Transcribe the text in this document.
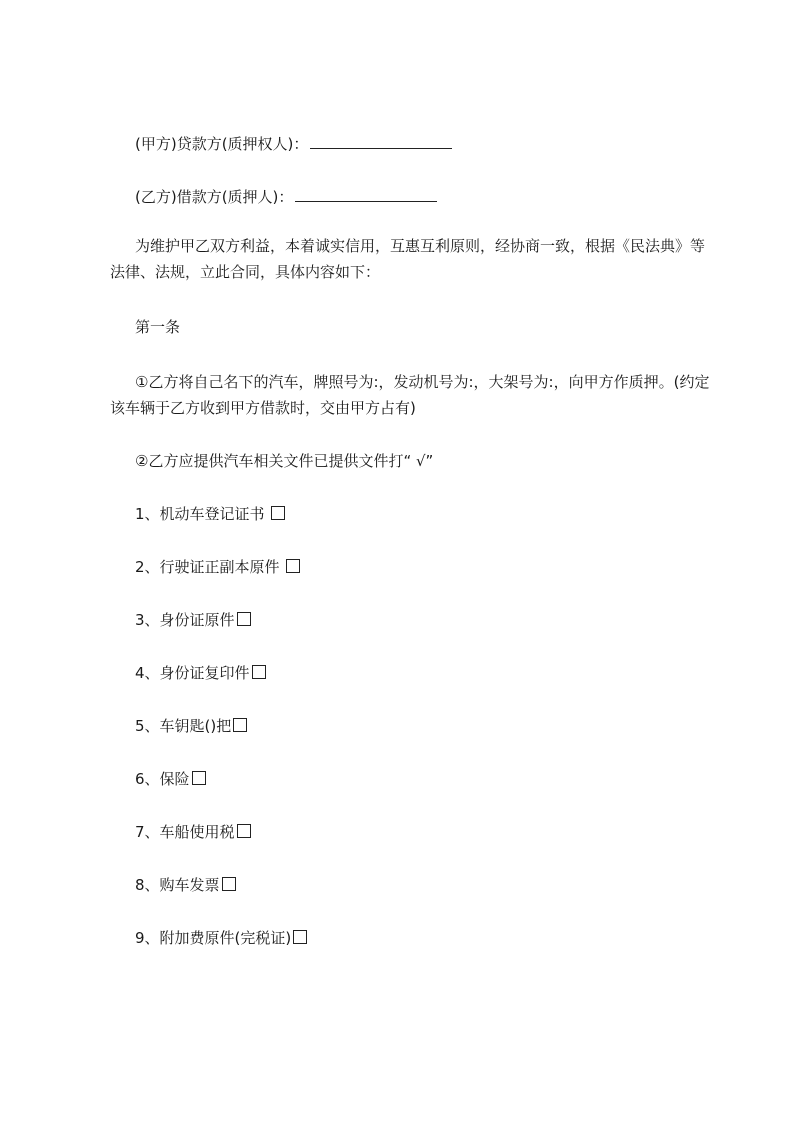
(甲方)贷款方(质押权人)：
(乙方)借款方(质押人)：
为维护甲乙双方利益，本着诚实信用，互惠互利原则，经协商一致，根据《民法典》等法律、法规，立此合同，具体内容如下：
第一条
①乙方将自己名下的汽车，牌照号为:，发动机号为:，大架号为:，向甲方作质押。(约定该车辆于乙方收到甲方借款时，交由甲方占有)
②乙方应提供汽车相关文件已提供文件打“ √”
1、机动车登记证书
2、行驶证正副本原件
3、身份证原件
4、身份证复印件
5、车钥匙()把
6、保险
7、车船使用税
8、购车发票
9、附加费原件(完税证)
